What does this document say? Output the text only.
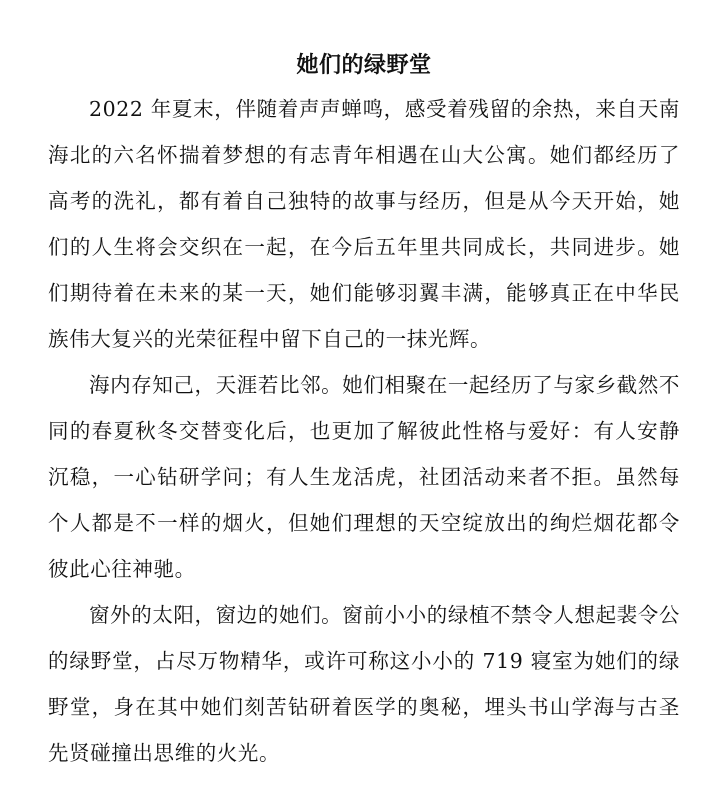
她们的绿野堂

2022 年夏末，伴随着声声蝉鸣，感受着残留的余热，来自天南海北的六名怀揣着梦想的有志青年相遇在山大公寓。她们都经历了高考的洗礼，都有着自己独特的故事与经历，但是从今天开始，她们的人生将会交织在一起，在今后五年里共同成长，共同进步。她们期待着在未来的某一天，她们能够羽翼丰满，能够真正在中华民族伟大复兴的光荣征程中留下自己的一抹光辉。

海内存知己，天涯若比邻。她们相聚在一起经历了与家乡截然不同的春夏秋冬交替变化后，也更加了解彼此性格与爱好：有人安静沉稳，一心钻研学问；有人生龙活虎，社团活动来者不拒。虽然每个人都是不一样的烟火，但她们理想的天空绽放出的绚烂烟花都令彼此心往神驰。

窗外的太阳，窗边的她们。窗前小小的绿植不禁令人想起裴令公的绿野堂，占尽万物精华，或许可称这小小的 719 寝室为她们的绿野堂，身在其中她们刻苦钻研着医学的奥秘，埋头书山学海与古圣先贤碰撞出思维的火光。
